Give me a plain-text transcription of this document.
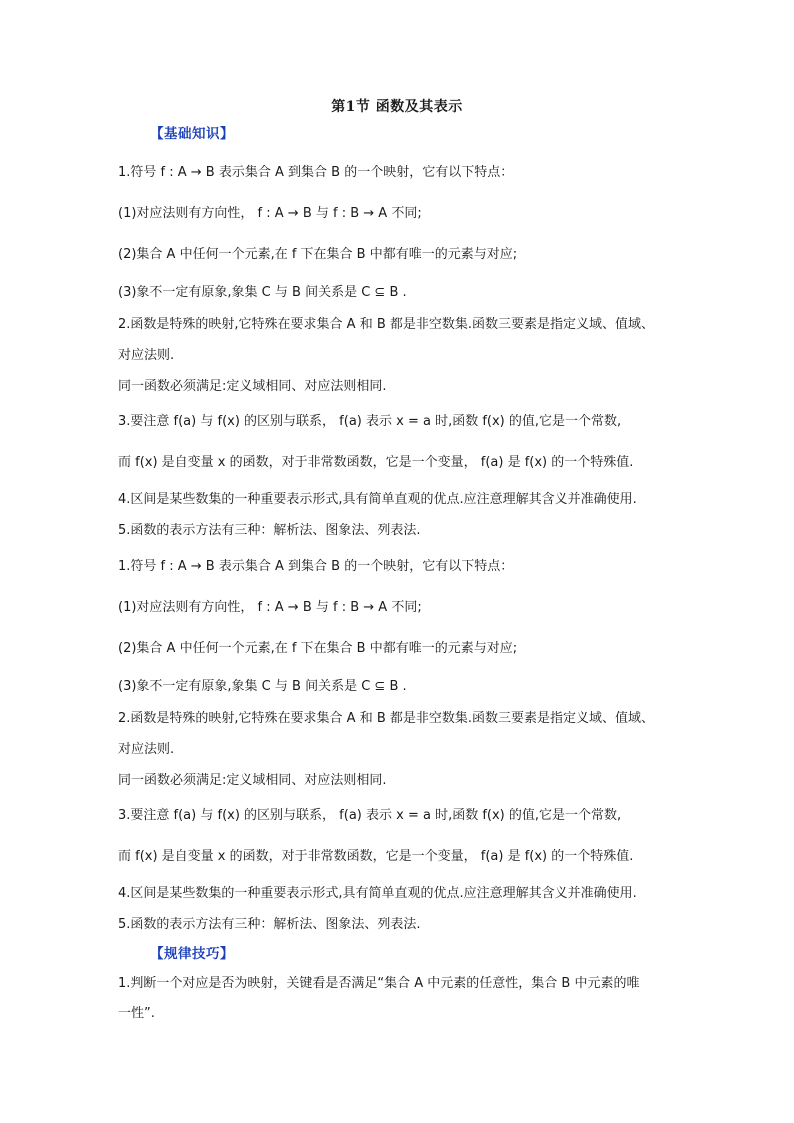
第1节 函数及其表示
【基础知识】
1.符号 f : A → B 表示集合 A 到集合 B 的一个映射，它有以下特点：
(1)对应法则有方向性， f : A → B 与 f : B → A 不同;
(2)集合 A 中任何一个元素,在 f 下在集合 B 中都有唯一的元素与对应;
(3)象不一定有原象,象集 C 与 B 间关系是 C ⊆ B .
2.函数是特殊的映射,它特殊在要求集合 A 和 B 都是非空数集.函数三要素是指定义域、值域、
对应法则.
同一函数必须满足:定义域相同、对应法则相同.
3.要注意 f(a) 与 f(x) 的区别与联系， f(a) 表示 x = a 时,函数 f(x) 的值,它是一个常数,
而 f(x) 是自变量 x 的函数，对于非常数函数，它是一个变量， f(a) 是 f(x) 的一个特殊值.
4.区间是某些数集的一种重要表示形式,具有简单直观的优点.应注意理解其含义并准确使用.
5.函数的表示方法有三种：解析法、图象法、列表法.
1.符号 f : A → B 表示集合 A 到集合 B 的一个映射，它有以下特点：
(1)对应法则有方向性， f : A → B 与 f : B → A 不同;
(2)集合 A 中任何一个元素,在 f 下在集合 B 中都有唯一的元素与对应;
(3)象不一定有原象,象集 C 与 B 间关系是 C ⊆ B .
2.函数是特殊的映射,它特殊在要求集合 A 和 B 都是非空数集.函数三要素是指定义域、值域、
对应法则.
同一函数必须满足:定义域相同、对应法则相同.
3.要注意 f(a) 与 f(x) 的区别与联系， f(a) 表示 x = a 时,函数 f(x) 的值,它是一个常数,
而 f(x) 是自变量 x 的函数，对于非常数函数，它是一个变量， f(a) 是 f(x) 的一个特殊值.
4.区间是某些数集的一种重要表示形式,具有简单直观的优点.应注意理解其含义并准确使用.
5.函数的表示方法有三种：解析法、图象法、列表法.
【规律技巧】
1.判断一个对应是否为映射，关键看是否满足“集合 A 中元素的任意性，集合 B 中元素的唯
一性”.
